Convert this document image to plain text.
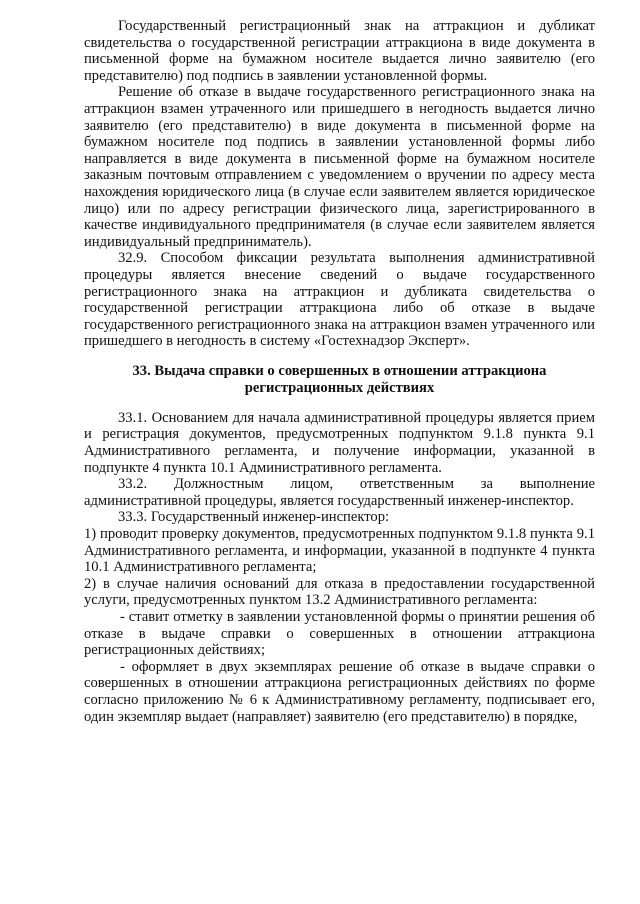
Государственный регистрационный знак на аттракцион и дубликат свидетельства о государственной регистрации аттракциона в виде документа в письменной форме на бумажном носителе выдается лично заявителю (его представителю) под подпись в заявлении установленной формы.

Решение об отказе в выдаче государственного регистрационного знака на аттракцион взамен утраченного или пришедшего в негодность выдается лично заявителю (его представителю) в виде документа в письменной форме на бумажном носителе под подпись в заявлении установленной формы либо направляется в виде документа в письменной форме на бумажном носителе заказным почтовым отправлением с уведомлением о вручении по адресу места нахождения юридического лица (в случае если заявителем является юридическое лицо) или по адресу регистрации физического лица, зарегистрированного в качестве индивидуального предпринимателя (в случае если заявителем является индивидуальный предприниматель).

32.9. Способом фиксации результата выполнения административной процедуры является внесение сведений о выдаче государственного регистрационного знака на аттракцион и дубликата свидетельства о государственной регистрации аттракциона либо об отказе в выдаче государственного регистрационного знака на аттракцион взамен утраченного или пришедшего в негодность в систему «Гостехнадзор Эксперт».

33. Выдача справки о совершенных в отношении аттракциона регистрационных действиях

33.1. Основанием для начала административной процедуры является прием и регистрация документов, предусмотренных подпунктом 9.1.8 пункта 9.1 Административного регламента, и получение информации, указанной в подпункте 4 пункта 10.1 Административного регламента.

33.2. Должностным лицом, ответственным за выполнение административной процедуры, является государственный инженер-инспектор.

33.3. Государственный инженер-инспектор:

1) проводит проверку документов, предусмотренных подпунктом 9.1.8 пункта 9.1 Административного регламента, и информации, указанной в подпункте 4 пункта 10.1 Административного регламента;

2) в случае наличия оснований для отказа в предоставлении государственной услуги, предусмотренных пунктом 13.2 Административного регламента:

- ставит отметку в заявлении установленной формы о принятии решения об отказе в выдаче справки о совершенных в отношении аттракциона регистрационных действиях;

- оформляет в двух экземплярах решение об отказе в выдаче справки о совершенных в отношении аттракциона регистрационных действиях по форме согласно приложению № 6 к Административному регламенту, подписывает его, один экземпляр выдает (направляет) заявителю (его представителю) в порядке,
